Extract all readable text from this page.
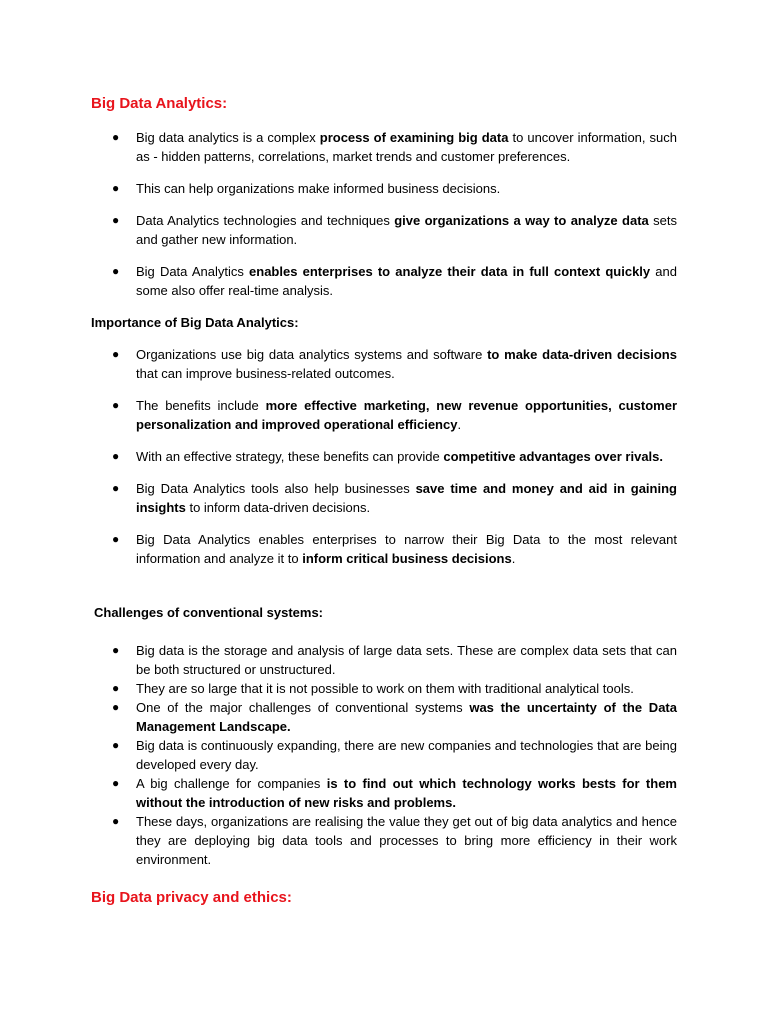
Big Data Analytics:
● Big data analytics is a complex process of examining big data to uncover information, such as - hidden patterns, correlations, market trends and customer preferences.
● This can help organizations make informed business decisions.
● Data Analytics technologies and techniques give organizations a way to analyze data sets and gather new information.
● Big Data Analytics enables enterprises to analyze their data in full context quickly and some also offer real-time analysis.
Importance of Big Data Analytics:
● Organizations use big data analytics systems and software to make data-driven decisions that can improve business-related outcomes.
● The benefits include more effective marketing, new revenue opportunities, customer personalization and improved operational efficiency.
● With an effective strategy, these benefits can provide competitive advantages over rivals.
● Big Data Analytics tools also help businesses save time and money and aid in gaining insights to inform data-driven decisions.
● Big Data Analytics enables enterprises to narrow their Big Data to the most relevant information and analyze it to inform critical business decisions.
Challenges of conventional systems:
● Big data is the storage and analysis of large data sets. These are complex data sets that can be both structured or unstructured.
● They are so large that it is not possible to work on them with traditional analytical tools.
● One of the major challenges of conventional systems was the uncertainty of the Data Management Landscape.
● Big data is continuously expanding, there are new companies and technologies that are being developed every day.
● A big challenge for companies is to find out which technology works bests for them without the introduction of new risks and problems.
● These days, organizations are realising the value they get out of big data analytics and hence they are deploying big data tools and processes to bring more efficiency in their work environment.
Big Data privacy and ethics:
